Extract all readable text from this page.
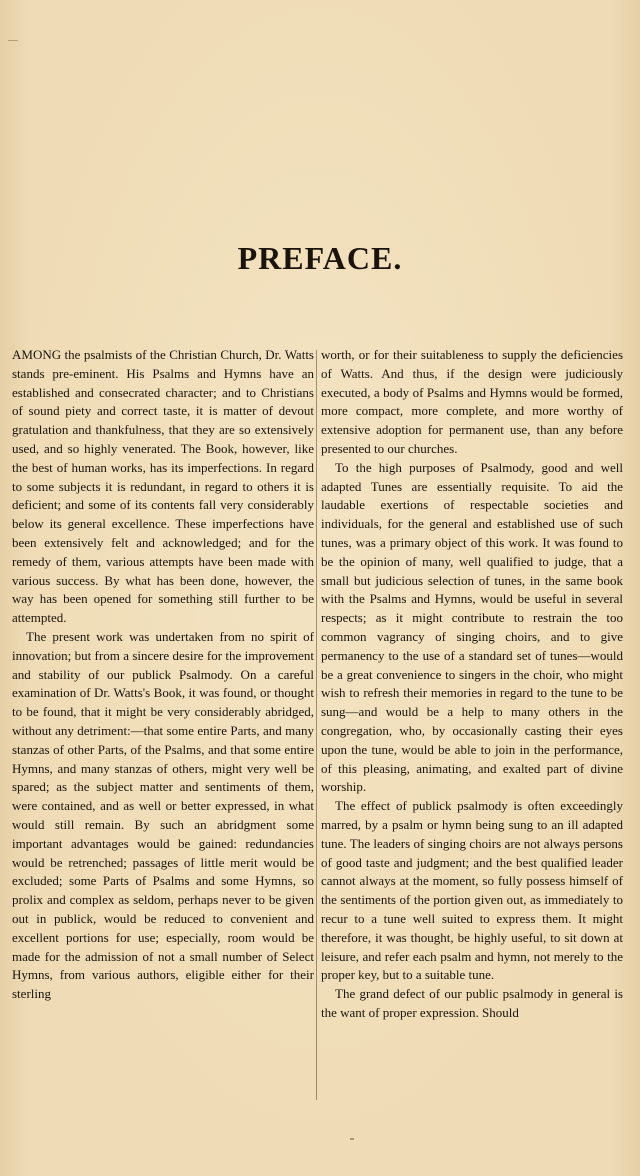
PREFACE.

AMONG the psalmists of the Christian Church, Dr. Watts stands pre-eminent. His Psalms and Hymns have an established and consecrated character; and to Christians of sound piety and correct taste, it is matter of devout gratulation and thankfulness, that they are so extensively used, and so highly venerated. The Book, however, like the best of human works, has its imperfections. In regard to some subjects it is redundant, in regard to others it is deficient; and some of its contents fall very considerably below its general excellence. These imperfections have been extensively felt and acknowledged; and for the remedy of them, various attempts have been made with various success. By what has been done, however, the way has been opened for something still further to be attempted.

The present work was undertaken from no spirit of innovation; but from a sincere desire for the improvement and stability of our publick Psalmody. On a careful examination of Dr. Watts's Book, it was found, or thought to be found, that it might be very considerably abridged, without any detriment:—that some entire Parts, and many stanzas of other Parts, of the Psalms, and that some entire Hymns, and many stanzas of others, might very well be spared; as the subject matter and sentiments of them, were contained, and as well or better expressed, in what would still remain. By such an abridgment some important advantages would be gained: redundancies would be retrenched; passages of little merit would be excluded; some Parts of Psalms and some Hymns, so prolix and complex as seldom, perhaps never to be given out in publick, would be reduced to convenient and excellent portions for use; especially, room would be made for the admission of not a small number of Select Hymns, from various authors, eligible either for their sterling

worth, or for their suitableness to supply the deficiencies of Watts. And thus, if the design were judiciously executed, a body of Psalms and Hymns would be formed, more compact, more complete, and more worthy of extensive adoption for permanent use, than any before presented to our churches.

To the high purposes of Psalmody, good and well adapted Tunes are essentially requisite. To aid the laudable exertions of respectable societies and individuals, for the general and established use of such tunes, was a primary object of this work. It was found to be the opinion of many, well qualified to judge, that a small but judicious selection of tunes, in the same book with the Psalms and Hymns, would be useful in several respects; as it might contribute to restrain the too common vagrancy of singing choirs, and to give permanency to the use of a standard set of tunes—would be a great convenience to singers in the choir, who might wish to refresh their memories in regard to the tune to be sung—and would be a help to many others in the congregation, who, by occasionally casting their eyes upon the tune, would be able to join in the performance, of this pleasing, animating, and exalted part of divine worship.

The effect of publick psalmody is often exceedingly marred, by a psalm or hymn being sung to an ill adapted tune. The leaders of singing choirs are not always persons of good taste and judgment; and the best qualified leader cannot always at the moment, so fully possess himself of the sentiments of the portion given out, as immediately to recur to a tune well suited to express them. It might therefore, it was thought, be highly useful, to sit down at leisure, and refer each psalm and hymn, not merely to the proper key, but to a suitable tune.

The grand defect of our public psalmody in general is the want of proper expression. Should
